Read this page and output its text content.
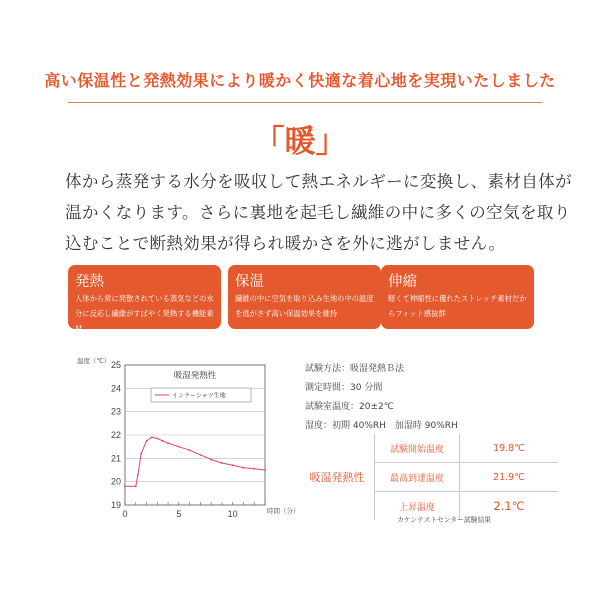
高い保温性と発熱効果により暖かく快適な着心地を実現いたしました
「暖」
体から蒸発する水分を吸収して熱エネルギーに変換し、素材自体が
温かくなります。さらに裏地を起毛し繊維の中に多くの空気を取り
込むことで断熱効果が得られ暖かさを外に逃がしません。
発熱
人体から常に発散されている蒸気などの水分に反応し繊維がすばやく発熱する機能素材
保温
繊維の中に空気を取り込み生地の中の温度を逃がさず高い保温効果を維持
伸縮
軽くて伸縮性に優れたストレッチ素材だからフィット感抜群
19
20
21
22
23
24
25
0	5	10
温度（℃）
時間（分）
吸湿発熱性
インナーシャツ生地
試験方法：吸湿発熱Ｂ法
測定時間：30 分間
試験室温度：20±2℃
湿度：初期 40%RH　加湿時 90%RH
吸湿発熱性	試験開始温度	19.8℃
	最高到達温度	21.9℃
	上昇温度	2.1℃
カケンテストセンター試験結果
